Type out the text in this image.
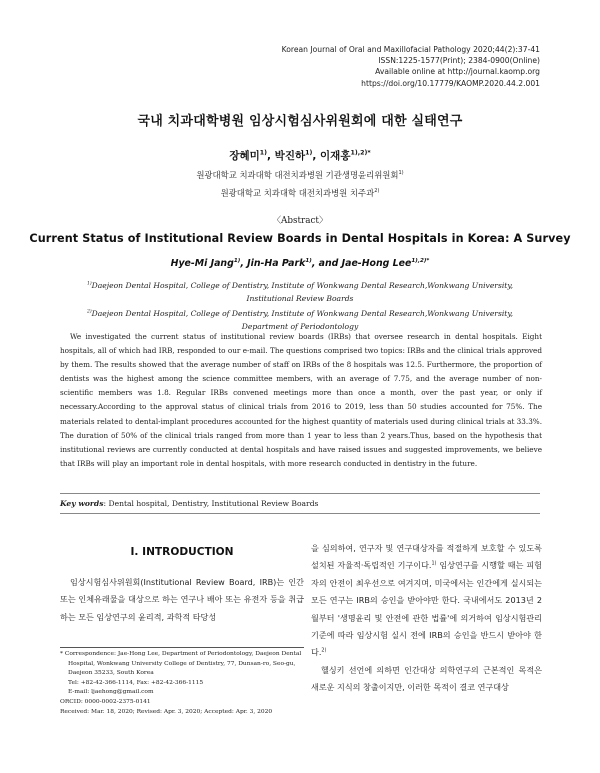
Korean Journal of Oral and Maxillofacial Pathology 2020;44(2):37-41
ISSN:1225-1577(Print); 2384-0900(Online)
Available online at http://journal.kaomp.org
https://doi.org/10.17779/KAOMP.2020.44.2.001
국내 치과대학병원 임상시험심사위원회에 대한 실태연구
장혜미$^{1)}$, 박진하$^{1)}$, 이재홍$^{1),2)*}$
원광대학교 치과대학 대전치과병원 기관생명윤리위원회$^{1)}$
원광대학교 치과대학 대전치과병원 치주과$^{2)}$
〈Abstract〉
Current Status of Institutional Review Boards in Dental Hospitals in Korea: A Survey
Hye-Mi Jang$^{1)}$, Jin-Ha Park$^{1)}$, and Jae-Hong Lee$^{1),2)*}$
$^{1)}$Daejeon Dental Hospital, College of Dentistry, Institute of Wonkwang Dental Research,Wonkwang University,
Institutional Review Boards
$^{2)}$Daejeon Dental Hospital, College of Dentistry, Institute of Wonkwang Dental Research,Wonkwang University,
Department of Periodontology
We investigated the current status of institutional review boards (IRBs) that oversee research in dental hospitals. Eight hospitals, all of which had IRB, responded to our e-mail. The questions comprised two topics: IRBs and the clinical trials approved by them. The results showed that the average number of staff on IRBs of the 8 hospitals was 12.5. Furthermore, the proportion of dentists was the highest among the science committee members, with an average of 7.75, and the average number of non-scientific members was 1.8. Regular IRBs convened meetings more than once a month, over the past year, or only if necessary.According to the approval status of clinical trials from 2016 to 2019, less than 50 studies accounted for 75%. The materials related to dental-implant procedures accounted for the highest quantity of materials used during clinical trials at 33.3%. The duration of 50% of the clinical trials ranged from more than 1 year to less than 2 years.Thus, based on the hypothesis that institutional reviews are currently conducted at dental hospitals and have raised issues and suggested improvements, we believe that IRBs will play an important role in dental hospitals, with more research conducted in dentistry in the future.
Key words: Dental hospital, Dentistry, Institutional Review Boards
Ⅰ. INTRODUCTION

임상시험심사위원회(Institutional Review Board, IRB)는 인간 또는 인체유래물을 대상으로 하는 연구나 배아 또는 유전자 등을 취급하는 모든 임상연구의 윤리적, 과학적 타당성

* Correspondence: Jae-Hong Lee, Department of Periodontology, Daejeon Dental
Hospital, Wonkwang University College of Dentistry, 77, Dunsan-ro, Seo-gu,
Daejeon 35233, South Korea
Tel: +82-42-366-1114, Fax: +82-42-366-1115
E-mail: ljaehong@gmail.com
ORCID: 0000-0002-2375-0141
Received: Mar. 18, 2020; Revised: Apr. 3, 2020; Accepted: Apr. 3, 2020

을 심의하여, 연구자 및 연구대상자를 적절하게 보호할 수 있도록 설치된 자율적·독립적인 기구이다.$^{1)}$ 임상연구를 시행할 때는 피험자의 안전이 최우선으로 여겨지며, 미국에서는 인간에게 실시되는 모든 연구는 IRB의 승인을 받아야만 한다. 국내에서도 2013년 2월부터 '생명윤리 및 안전에 관한 법률'에 의거하여 임상시험관리기준에 따라 임상시험 실시 전에 IRB의 승인을 반드시 받아야 한다.$^{2)}$

헬싱키 선언에 의하면 인간대상 의학연구의 근본적인 목적은 새로운 지식의 창출이지만, 이러한 목적이 결코 연구대상
